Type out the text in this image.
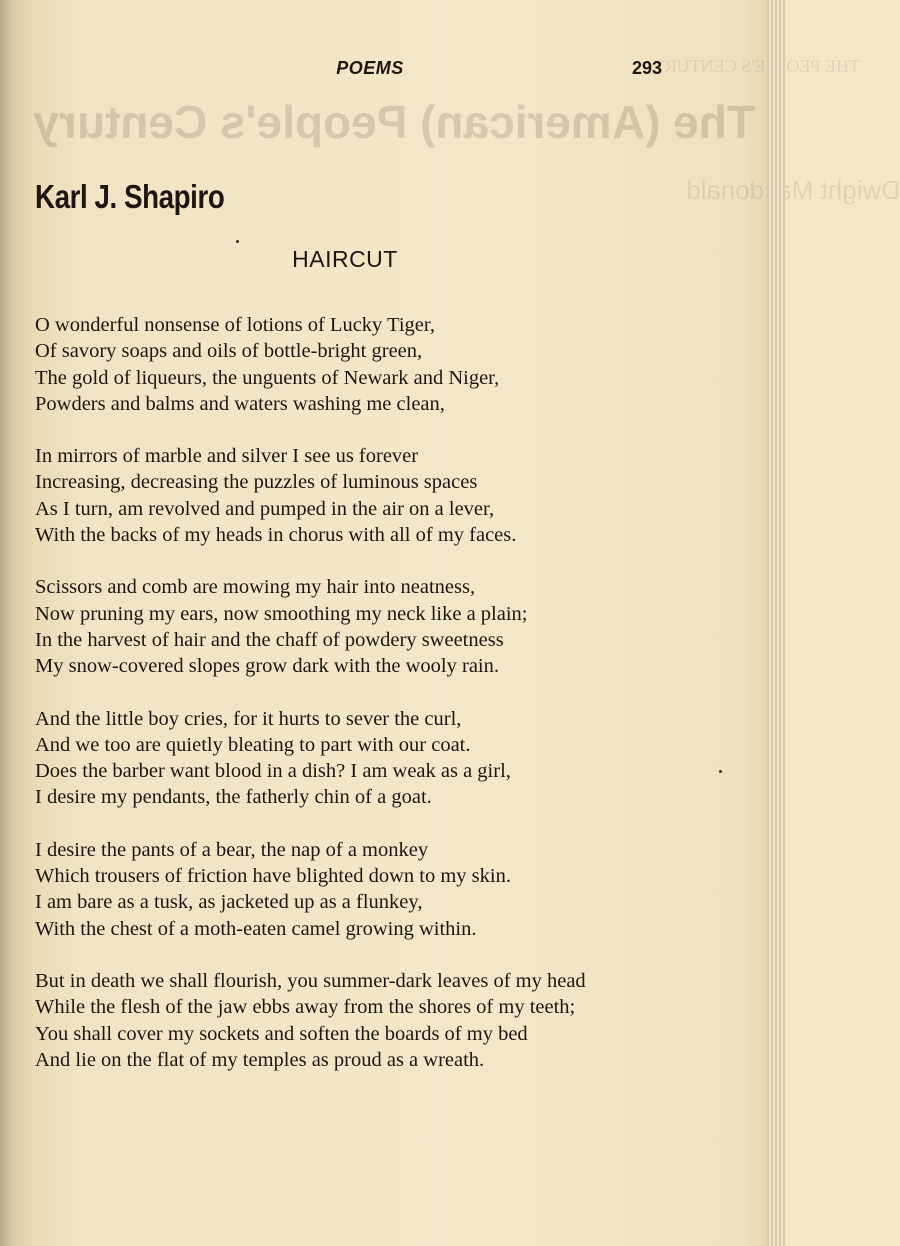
The (American) People's Century
THE PEOPLE'S CENTURY
Dwight Macdonald
POEMS	293
Karl J. Shapiro
HAIRCUT
O wonderful nonsense of lotions of Lucky Tiger,
Of savory soaps and oils of bottle-bright green,
The gold of liqueurs, the unguents of Newark and Niger,
Powders and balms and waters washing me clean,
In mirrors of marble and silver I see us forever
Increasing, decreasing the puzzles of luminous spaces
As I turn, am revolved and pumped in the air on a lever,
With the backs of my heads in chorus with all of my faces.
Scissors and comb are mowing my hair into neatness,
Now pruning my ears, now smoothing my neck like a plain;
In the harvest of hair and the chaff of powdery sweetness
My snow-covered slopes grow dark with the wooly rain.
And the little boy cries, for it hurts to sever the curl,
And we too are quietly bleating to part with our coat.
Does the barber want blood in a dish? I am weak as a girl,
I desire my pendants, the fatherly chin of a goat.
I desire the pants of a bear, the nap of a monkey
Which trousers of friction have blighted down to my skin.
I am bare as a tusk, as jacketed up as a flunkey,
With the chest of a moth-eaten camel growing within.
But in death we shall flourish, you summer-dark leaves of my head
While the flesh of the jaw ebbs away from the shores of my teeth;
You shall cover my sockets and soften the boards of my bed
And lie on the flat of my temples as proud as a wreath.
